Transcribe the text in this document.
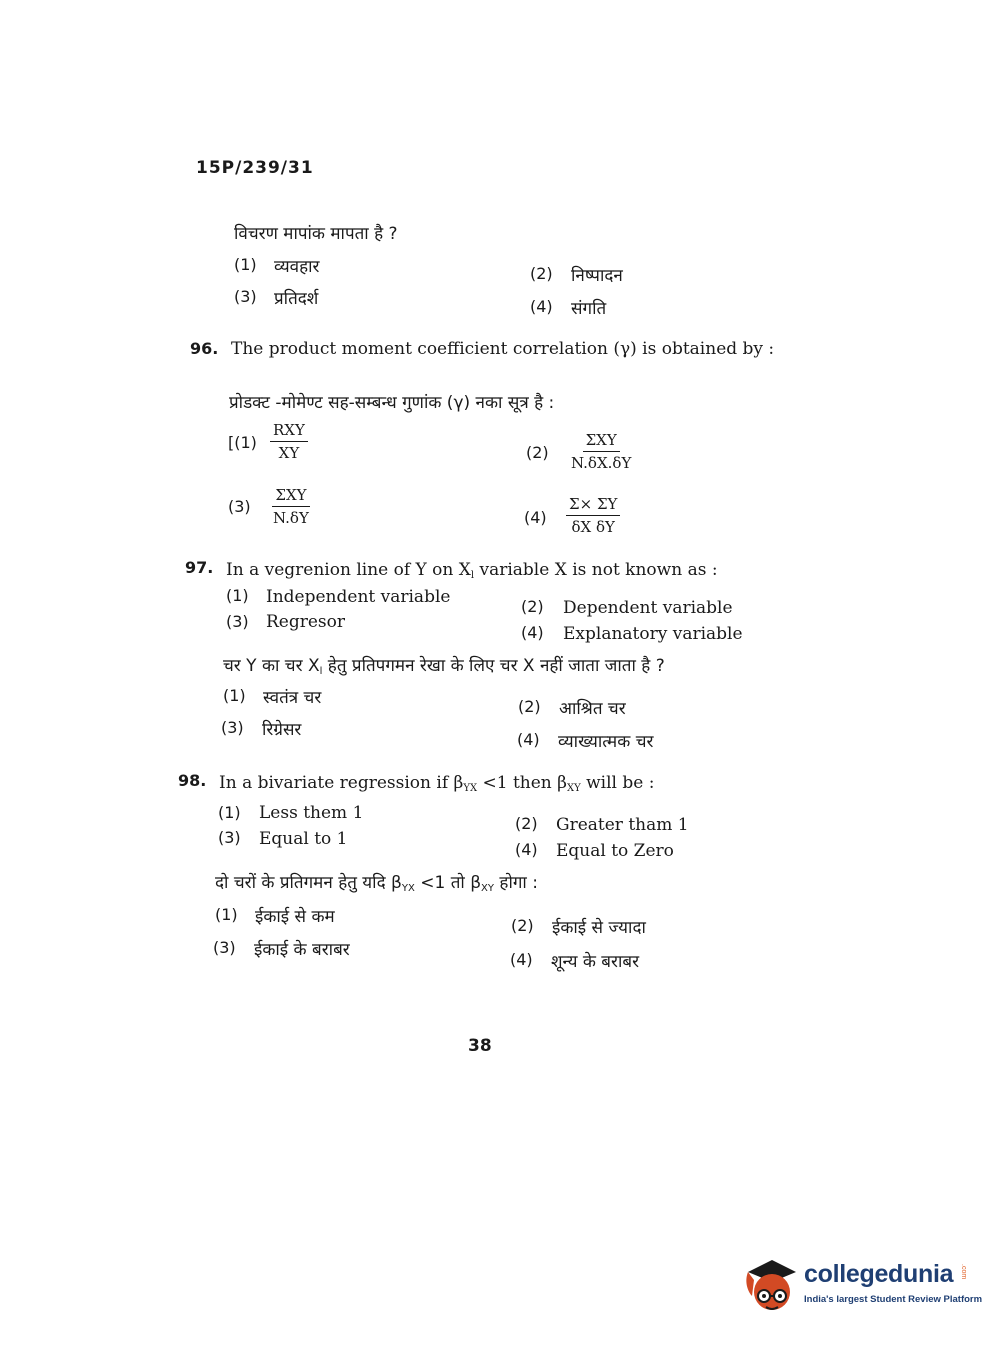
15P/239/31
विचरण मापांक मापता है ?
(1) व्यवहार	(2) निष्पादन
(3) प्रतिदर्श	(4) संगति
96. The product moment coefficient correlation (γ) is obtained by :
प्रोडक्ट -मोमेण्ट सह-सम्बन्ध गुणांक (γ) नका सूत्र है :
[(1)
RXY
XY	(2)
ΣXY
N.δX.δY
(3)
ΣXY
N.δY	$(4) \frac{\Sigma\times \Sigma Y}{\text{δX δY}}$
97. In a vegrenion line of Y on $X_l$ variable X is not known as :
(1) Independent variable	(2) Dependent variable
(3) Regresor
(4) Explanatory variable
चर Y का चर $X_l$ हेतु प्रतिपगमन रेखा के लिए चर X नहीं जाता जाता है ?
(1) स्वतंत्र चर	(2) आश्रित चर
(3) रिग्रेसर	(4) व्याख्यात्मक चर
98. In a bivariate regression if $\beta_{YX} <1$ then $\beta_{XY}$ will be :
(1) Less them 1
(2) Greater tham 1
(3) Equal to 1
(4) Equal to Zero
दो चरों के प्रतिगमन हेतु यदि $\beta_{YX} <1$ तो $\beta_{XY}$ होगा :
(1) ईकाई से कम	(2) ईकाई से ज्यादा
(3) ईकाई के बराबर	(4) शून्य के बराबर
38
collegedunia .com
India's largest Student Review Platform
